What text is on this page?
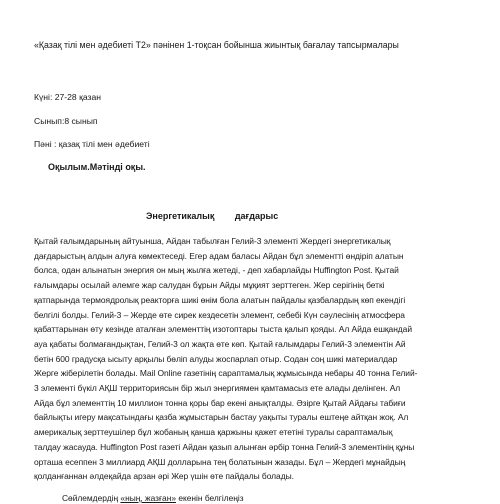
«Қазақ тілі мен әдебиеті Т2» пәнінен 1-тоқсан бойынша жиынтық бағалау тапсырмалары
Күні: 27-28 қазан
Сынып:8 сынып
Пәні : қазақ тілі мен әдебиеті
Оқылым.Мәтінді оқы.
Энергетикалық дағдарыс
Қытай ғалымдарының айтуынша, Айдан табылған Гелий-3 элементі Жердегі энергетикалық
дағдарыстың алдын алуға көмектеседі. Егер адам баласы Айдан бұл элементті өндіріп алатын
болса, одан алынатын энергия он мың жылға жетеді, - деп хабарлайды Huffington Post. Қытай
ғалымдары осылай әлемге жар салудан бұрын Айды мұқият зерттеген. Жер серігінің беткі
қатпарында термоядролық реакторға шикі өнім бола алатын пайдалы қазбалардың көп екендігі
белгілі болды. Гелий-3 – Жерде өте сирек кездесетін элемент, себебі Күн сәулесінің атмосфера
қабаттарынан өту кезінде аталған элементтің изотоптары тыста қалып қояды. Ал Айда ешқандай
ауа қабаты болмағандықтан, Гелий-3 ол жақта өте көп. Қытай ғалымдары Гелий-3 элементін Ай
бетін 600 градусқа ысыту арқылы бөліп алуды жоспарлап отыр. Содан соң шикі материалдар
Жерге жіберілетін болады. Mail Online газетінің сараптамалық жұмысында небары 40 тонна Гелий-
3 элементі бүкіл АҚШ территориясын бір жыл энергиямен қамтамасыз ете алады делінген. Ал
Айда бұл элементтің 10 миллион тонна қоры бар екені анықталды. Әзірге Қытай Айдағы табиғи
байлықты игеру мақсатындағы қазба жұмыстарын бастау уақыты туралы ештеңе айтқан жоқ. Ал
америкалық зерттеушілер бұл жобаның қанша қаржыны қажет ететіні туралы сараптамалық
талдау жасауда. Huffington Post газеті Айдан қазып алынған әрбір тонна Гелий-3 элементінің құны
орташа есеппен 3 миллиард АҚШ долларына тең болатынын жазады. Бұл – Жердегі мұнайдың
қолданғаннан әлдеқайда арзан әрі Жер үшін өте пайдалы болады.
Сөйлемдердің «ның, жазған» екенін белгілеңіз
